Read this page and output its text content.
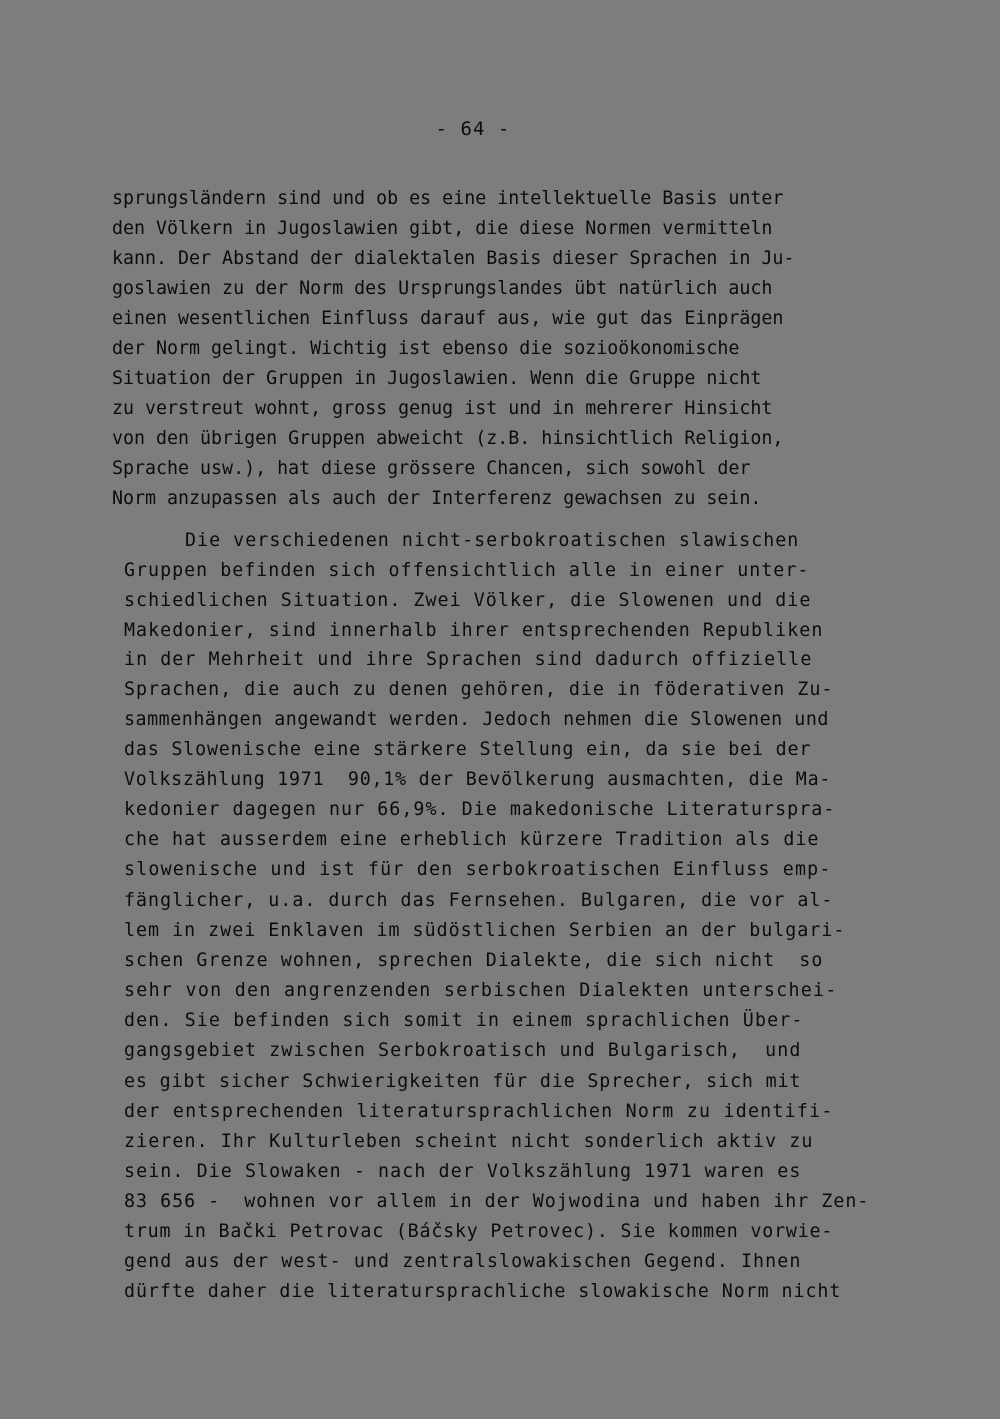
- 64 -
sprungsländern sind und ob es eine intellektuelle Basis unter
den Völkern in Jugoslawien gibt, die diese Normen vermitteln
kann. Der Abstand der dialektalen Basis dieser Sprachen in Ju-
goslawien zu der Norm des Ursprungslandes übt natürlich auch
einen wesentlichen Einfluss darauf aus, wie gut das Einprägen
der Norm gelingt. Wichtig ist ebenso die sozioökonomische
Situation der Gruppen in Jugoslawien. Wenn die Gruppe nicht
zu verstreut wohnt, gross genug ist und in mehrerer Hinsicht
von den übrigen Gruppen abweicht (z.B. hinsichtlich Religion,
Sprache usw.), hat diese grössere Chancen, sich sowohl der
Norm anzupassen als auch der Interferenz gewachsen zu sein.
Die verschiedenen nicht-serbokroatischen slawischen
Gruppen befinden sich offensichtlich alle in einer unter-
schiedlichen Situation. Zwei Völker, die Slowenen und die
Makedonier, sind innerhalb ihrer entsprechenden Republiken
in der Mehrheit und ihre Sprachen sind dadurch offizielle
Sprachen, die auch zu denen gehören, die in föderativen Zu-
sammenhängen angewandt werden. Jedoch nehmen die Slowenen und
das Slowenische eine stärkere Stellung ein, da sie bei der
Volkszählung 1971  90,1% der Bevölkerung ausmachten, die Ma-
kedonier dagegen nur 66,9%. Die makedonische Literaturspra-
che hat ausserdem eine erheblich kürzere Tradition als die
slowenische und ist für den serbokroatischen Einfluss emp-
fänglicher, u.a. durch das Fernsehen. Bulgaren, die vor al-
lem in zwei Enklaven im südöstlichen Serbien an der bulgari-
schen Grenze wohnen, sprechen Dialekte, die sich nicht  so
sehr von den angrenzenden serbischen Dialekten unterschei-
den. Sie befinden sich somit in einem sprachlichen Über-
gangsgebiet zwischen Serbokroatisch und Bulgarisch,  und
es gibt sicher Schwierigkeiten für die Sprecher, sich mit
der entsprechenden literatursprachlichen Norm zu identifi-
zieren. Ihr Kulturleben scheint nicht sonderlich aktiv zu
sein. Die Slowaken - nach der Volkszählung 1971 waren es
83 656 -  wohnen vor allem in der Wojwodina und haben ihr Zen-
trum in Bački Petrovac (Báčsky Petrovec). Sie kommen vorwie-
gend aus der west- und zentralslowakischen Gegend. Ihnen
dürfte daher die literatursprachliche slowakische Norm nicht
